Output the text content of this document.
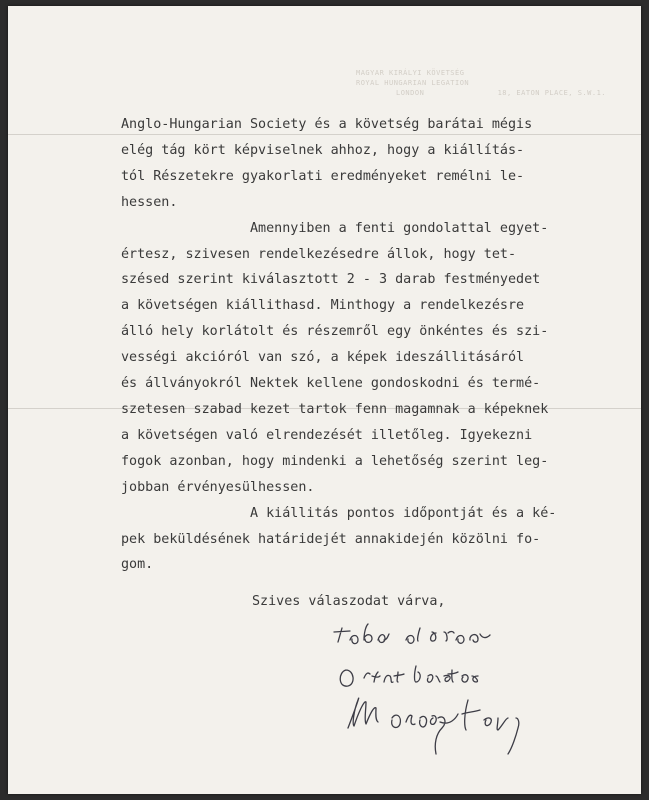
MAGYAR KIRÁLYI KÖVETSÉG
ROYAL HUNGARIAN LEGATION
LONDON	18, EATON PLACE, S.W.1.
Anglo-Hungarian Society és a követség barátai mégis
elég tág kört képviselnek ahhoz, hogy a kiállítás-
tól Részetekre gyakorlati eredményeket remélni le-
hessen.
Amennyiben a fenti gondolattal egyet-
értesz, szivesen rendelkezésedre állok, hogy tet-
szésed szerint kiválasztott 2 - 3 darab festményedet
a követségen kiállithasd. Minthogy a rendelkezésre
álló hely korlátolt és részemről egy önkéntes és szi-
vességi akcióról van szó, a képek ideszállitásáról
és állványokról Nektek kellene gondoskodni és termé-
szetesen szabad kezet tartok fenn magamnak a képeknek
a követségen való elrendezését illetőleg. Igyekezni
fogok azonban, hogy mindenki a lehetőség szerint leg-
jobban érvényesülhessen.
A kiállitás pontos időpontját és a ké-
pek beküldésének határidejét annakidején közölni fo-
gom.
Szives válaszodat várva,
